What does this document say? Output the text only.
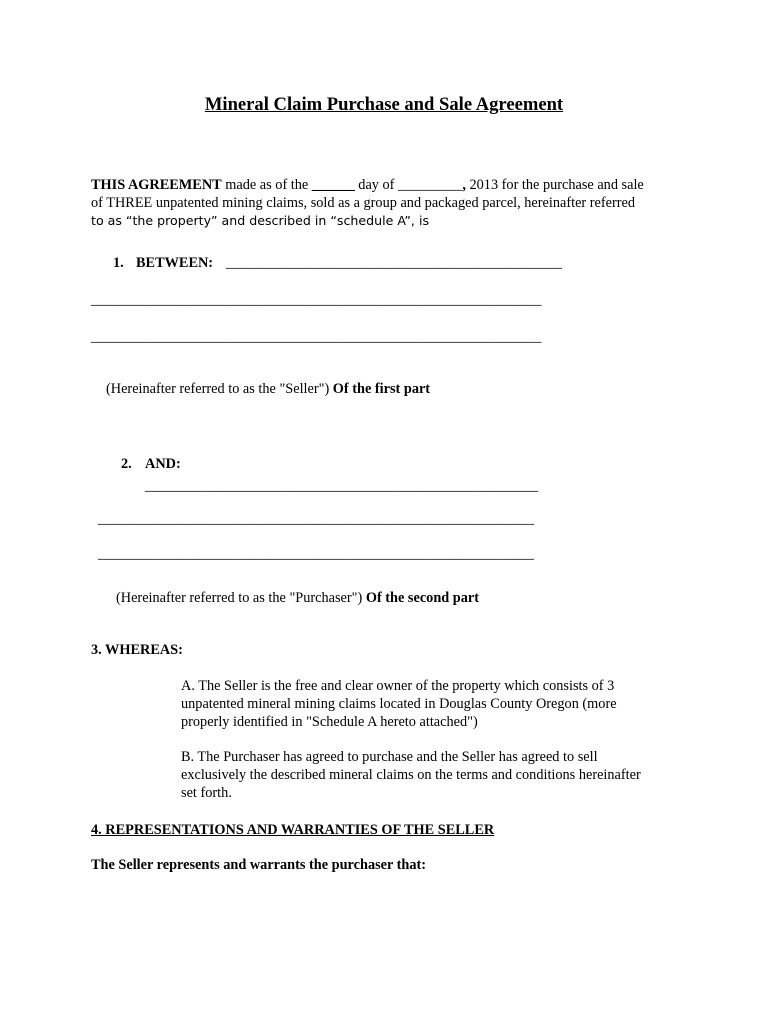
Mineral Claim Purchase and Sale Agreement
THIS AGREEMENT made as of the ______ day of _________, 2013 for the purchase and sale
of THREE unpatented mining claims, sold as a group and packaged parcel, hereinafter referred
to as “the property” and described in “schedule A”, is
1. BETWEEN: _______________________________________________
_______________________________________________________________
_______________________________________________________________
(Hereinafter referred to as the "Seller") Of the first part
2. AND:
_______________________________________________________
_____________________________________________________________
_____________________________________________________________
(Hereinafter referred to as the "Purchaser") Of the second part
3. WHEREAS:
A. The Seller is the free and clear owner of the property which consists of 3
unpatented mineral mining claims located in Douglas County Oregon (more
properly identified in "Schedule A hereto attached")
B. The Purchaser has agreed to purchase and the Seller has agreed to sell
exclusively the described mineral claims on the terms and conditions hereinafter
set forth.
4. REPRESENTATIONS AND WARRANTIES OF THE SELLER
The Seller represents and warrants the purchaser that:
